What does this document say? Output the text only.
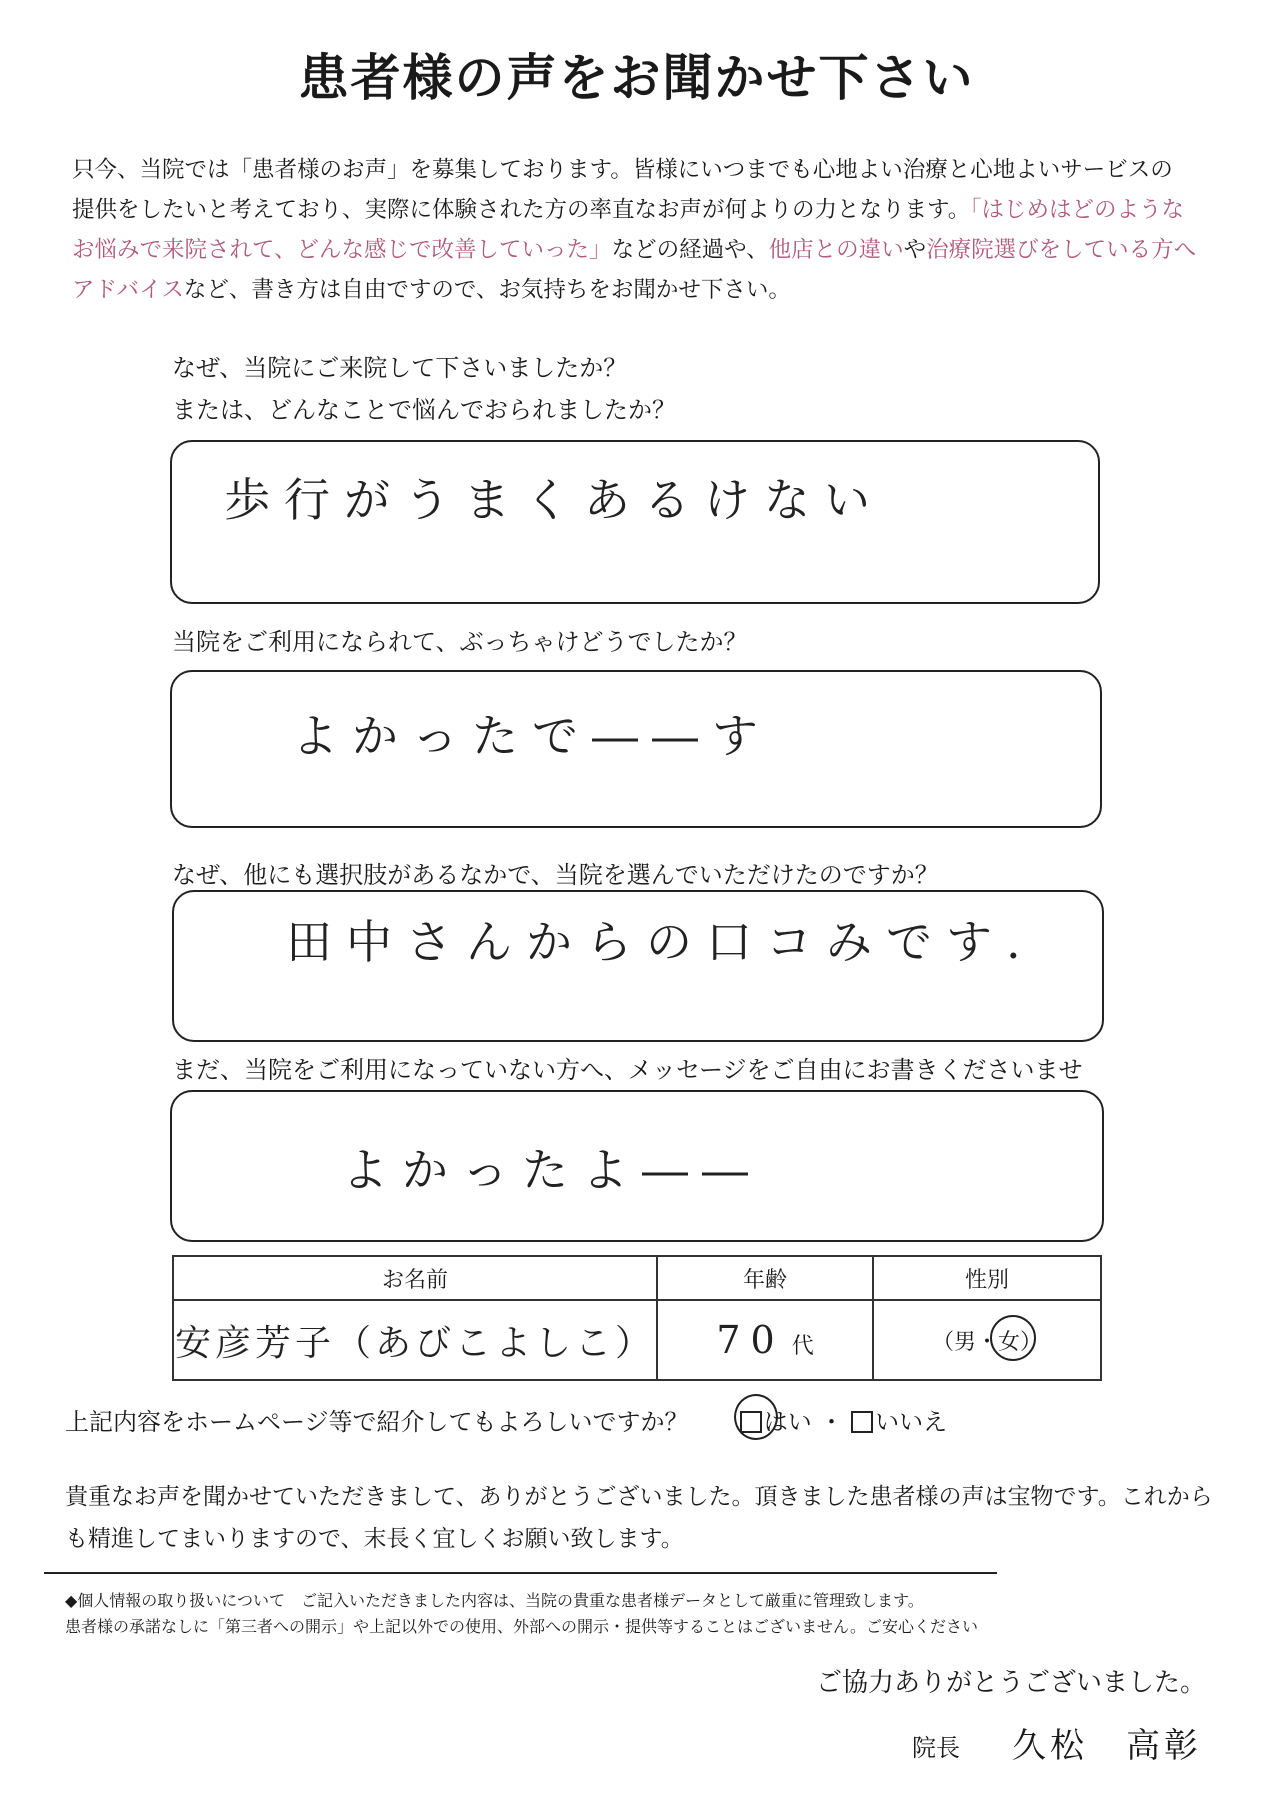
患者様の声をお聞かせ下さい
只今、当院では「患者様のお声」を募集しております。皆様にいつまでも心地よい治療と心地よいサービスの
提供をしたいと考えており、実際に体験された方の率直なお声が何よりの力となります。「はじめはどのような
お悩みで来院されて、どんな感じで改善していった」などの経過や、他店との違いや治療院選びをしている方へ
アドバイスなど、書き方は自由ですので、お気持ちをお聞かせ下さい。
なぜ、当院にご来院して下さいましたか？
または、どんなことで悩んでおられましたか？
歩行がうまくあるけない
当院をご利用になられて、ぶっちゃけどうでしたか？
よかったで――す
なぜ、他にも選択肢があるなかで、当院を選んでいただけたのですか？
田中さんからの口コみです.
まだ、当院をご利用になっていない方へ、メッセージをご自由にお書きくださいませ
よかったよ――
お名前	年齢	性別
安彦芳子（あびこよしこ）	70 代	（男・女）
上記内容をホームページ等で紹介してもよろしいですか？	はい ・ いいえ
貴重なお声を聞かせていただきまして、ありがとうございました。頂きました患者様の声は宝物です。これから
も精進してまいりますので、末長く宜しくお願い致します。
◆個人情報の取り扱いについて　ご記入いただきました内容は、当院の貴重な患者様データとして厳重に管理致します。
患者様の承諾なしに「第三者への開示」や上記以外での使用、外部への開示・提供等することはございません。ご安心ください
ご協力ありがとうございました。
院長 久松　高彰
